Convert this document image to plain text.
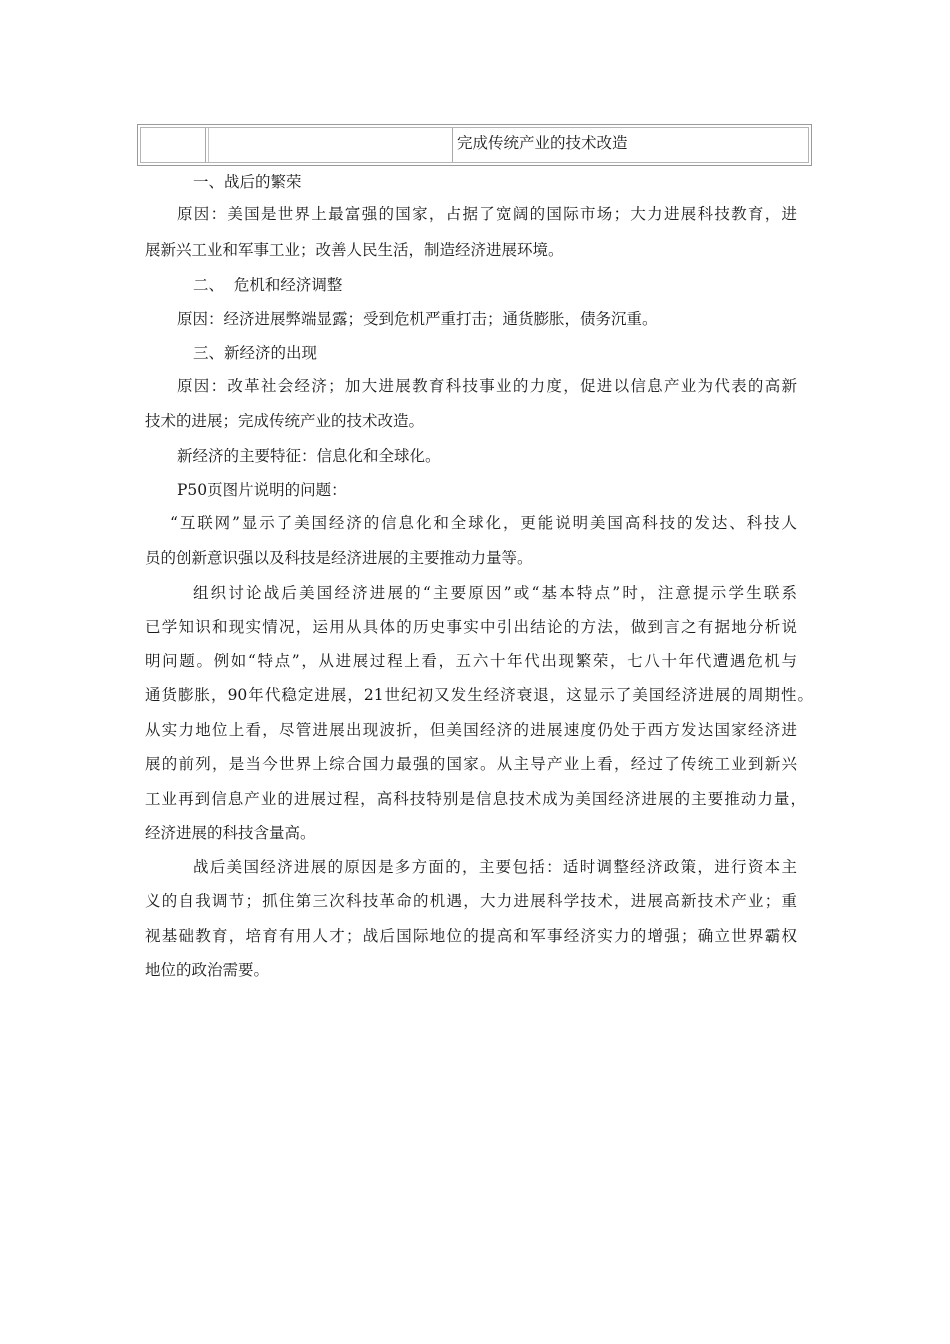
完成传统产业的技术改造
一、战后的繁荣
原因：美国是世界上最富强的国家，占据了宽阔的国际市场；大力进展科技教育，进
展新兴工业和军事工业；改善人民生活，制造经济进展环境。
二、  危机和经济调整
原因：经济进展弊端显露；受到危机严重打击；通货膨胀，债务沉重。
三、新经济的出现
原因：改革社会经济；加大进展教育科技事业的力度，促进以信息产业为代表的高新
技术的进展；完成传统产业的技术改造。
新经济的主要特征：信息化和全球化。
P50页图片说明的问题：
“互联网”显示了美国经济的信息化和全球化，更能说明美国高科技的发达、科技人
员的创新意识强以及科技是经济进展的主要推动力量等。
组织讨论战后美国经济进展的“主要原因”或“基本特点”时，注意提示学生联系
已学知识和现实情况，运用从具体的历史事实中引出结论的方法，做到言之有据地分析说
明问题。例如“特点”，从进展过程上看，五六十年代出现繁荣，七八十年代遭遇危机与
通货膨胀，90年代稳定进展，21世纪初又发生经济衰退，这显示了美国经济进展的周期性。
从实力地位上看，尽管进展出现波折，但美国经济的进展速度仍处于西方发达国家经济进
展的前列，是当今世界上综合国力最强的国家。从主导产业上看，经过了传统工业到新兴
工业再到信息产业的进展过程，高科技特别是信息技术成为美国经济进展的主要推动力量，
经济进展的科技含量高。
战后美国经济进展的原因是多方面的，主要包括：适时调整经济政策，进行资本主
义的自我调节；抓住第三次科技革命的机遇，大力进展科学技术，进展高新技术产业；重
视基础教育，培育有用人才；战后国际地位的提高和军事经济实力的增强；确立世界霸权
地位的政治需要。
